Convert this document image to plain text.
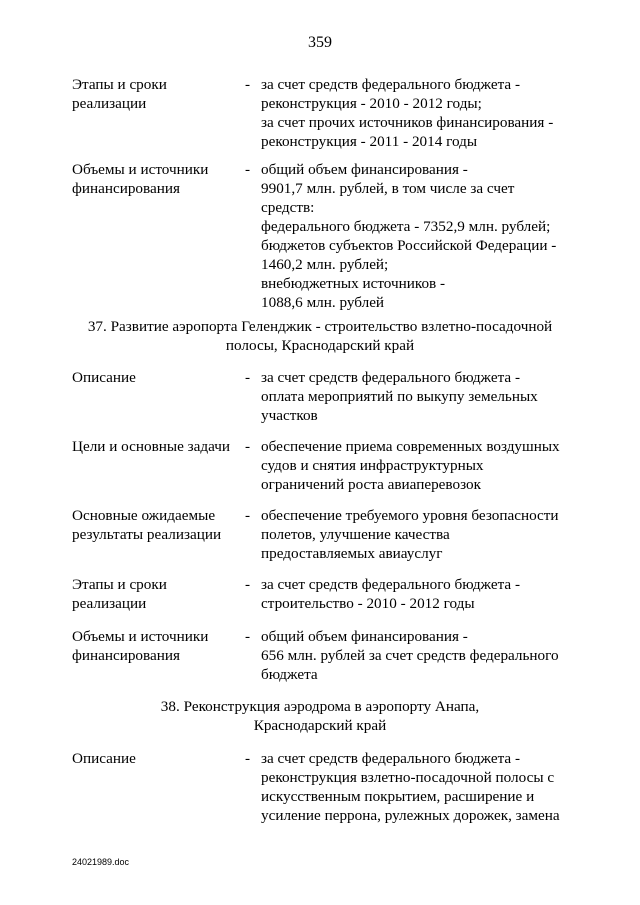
359
Этапы и сроки
реализации
- за счет средств федерального бюджета -
реконструкция - 2010 - 2012 годы;
за счет прочих источников финансирования -
реконструкция - 2011 - 2014 годы
Объемы и источники
финансирования
- общий объем финансирования -
9901,7 млн. рублей, в том числе за счет
средств:
федерального бюджета - 7352,9 млн. рублей;
бюджетов субъектов Российской Федерации -
1460,2 млн. рублей;
внебюджетных источников -
1088,6 млн. рублей
37. Развитие аэропорта Геленджик - строительство взлетно-посадочной
полосы, Краснодарский край
Описание	- за счет средств федерального бюджета -
оплата мероприятий по выкупу земельных
участков
Цели и основные задачи - обеспечение приема современных воздушных
судов и снятия инфраструктурных
ограничений роста авиаперевозок
Основные ожидаемые
результаты реализации
- обеспечение требуемого уровня безопасности
полетов, улучшение качества
предоставляемых авиауслуг
Этапы и сроки
реализации
- за счет средств федерального бюджета -
строительство - 2010 - 2012 годы
Объемы и источники
финансирования
- общий объем финансирования -
656 млн. рублей за счет средств федерального
бюджета
38. Реконструкция аэродрома в аэропорту Анапа,
Краснодарский край
Описание	- за счет средств федерального бюджета -
реконструкция взлетно-посадочной полосы с
искусственным покрытием, расширение и
усиление перрона, рулежных дорожек, замена
24021989.doc
